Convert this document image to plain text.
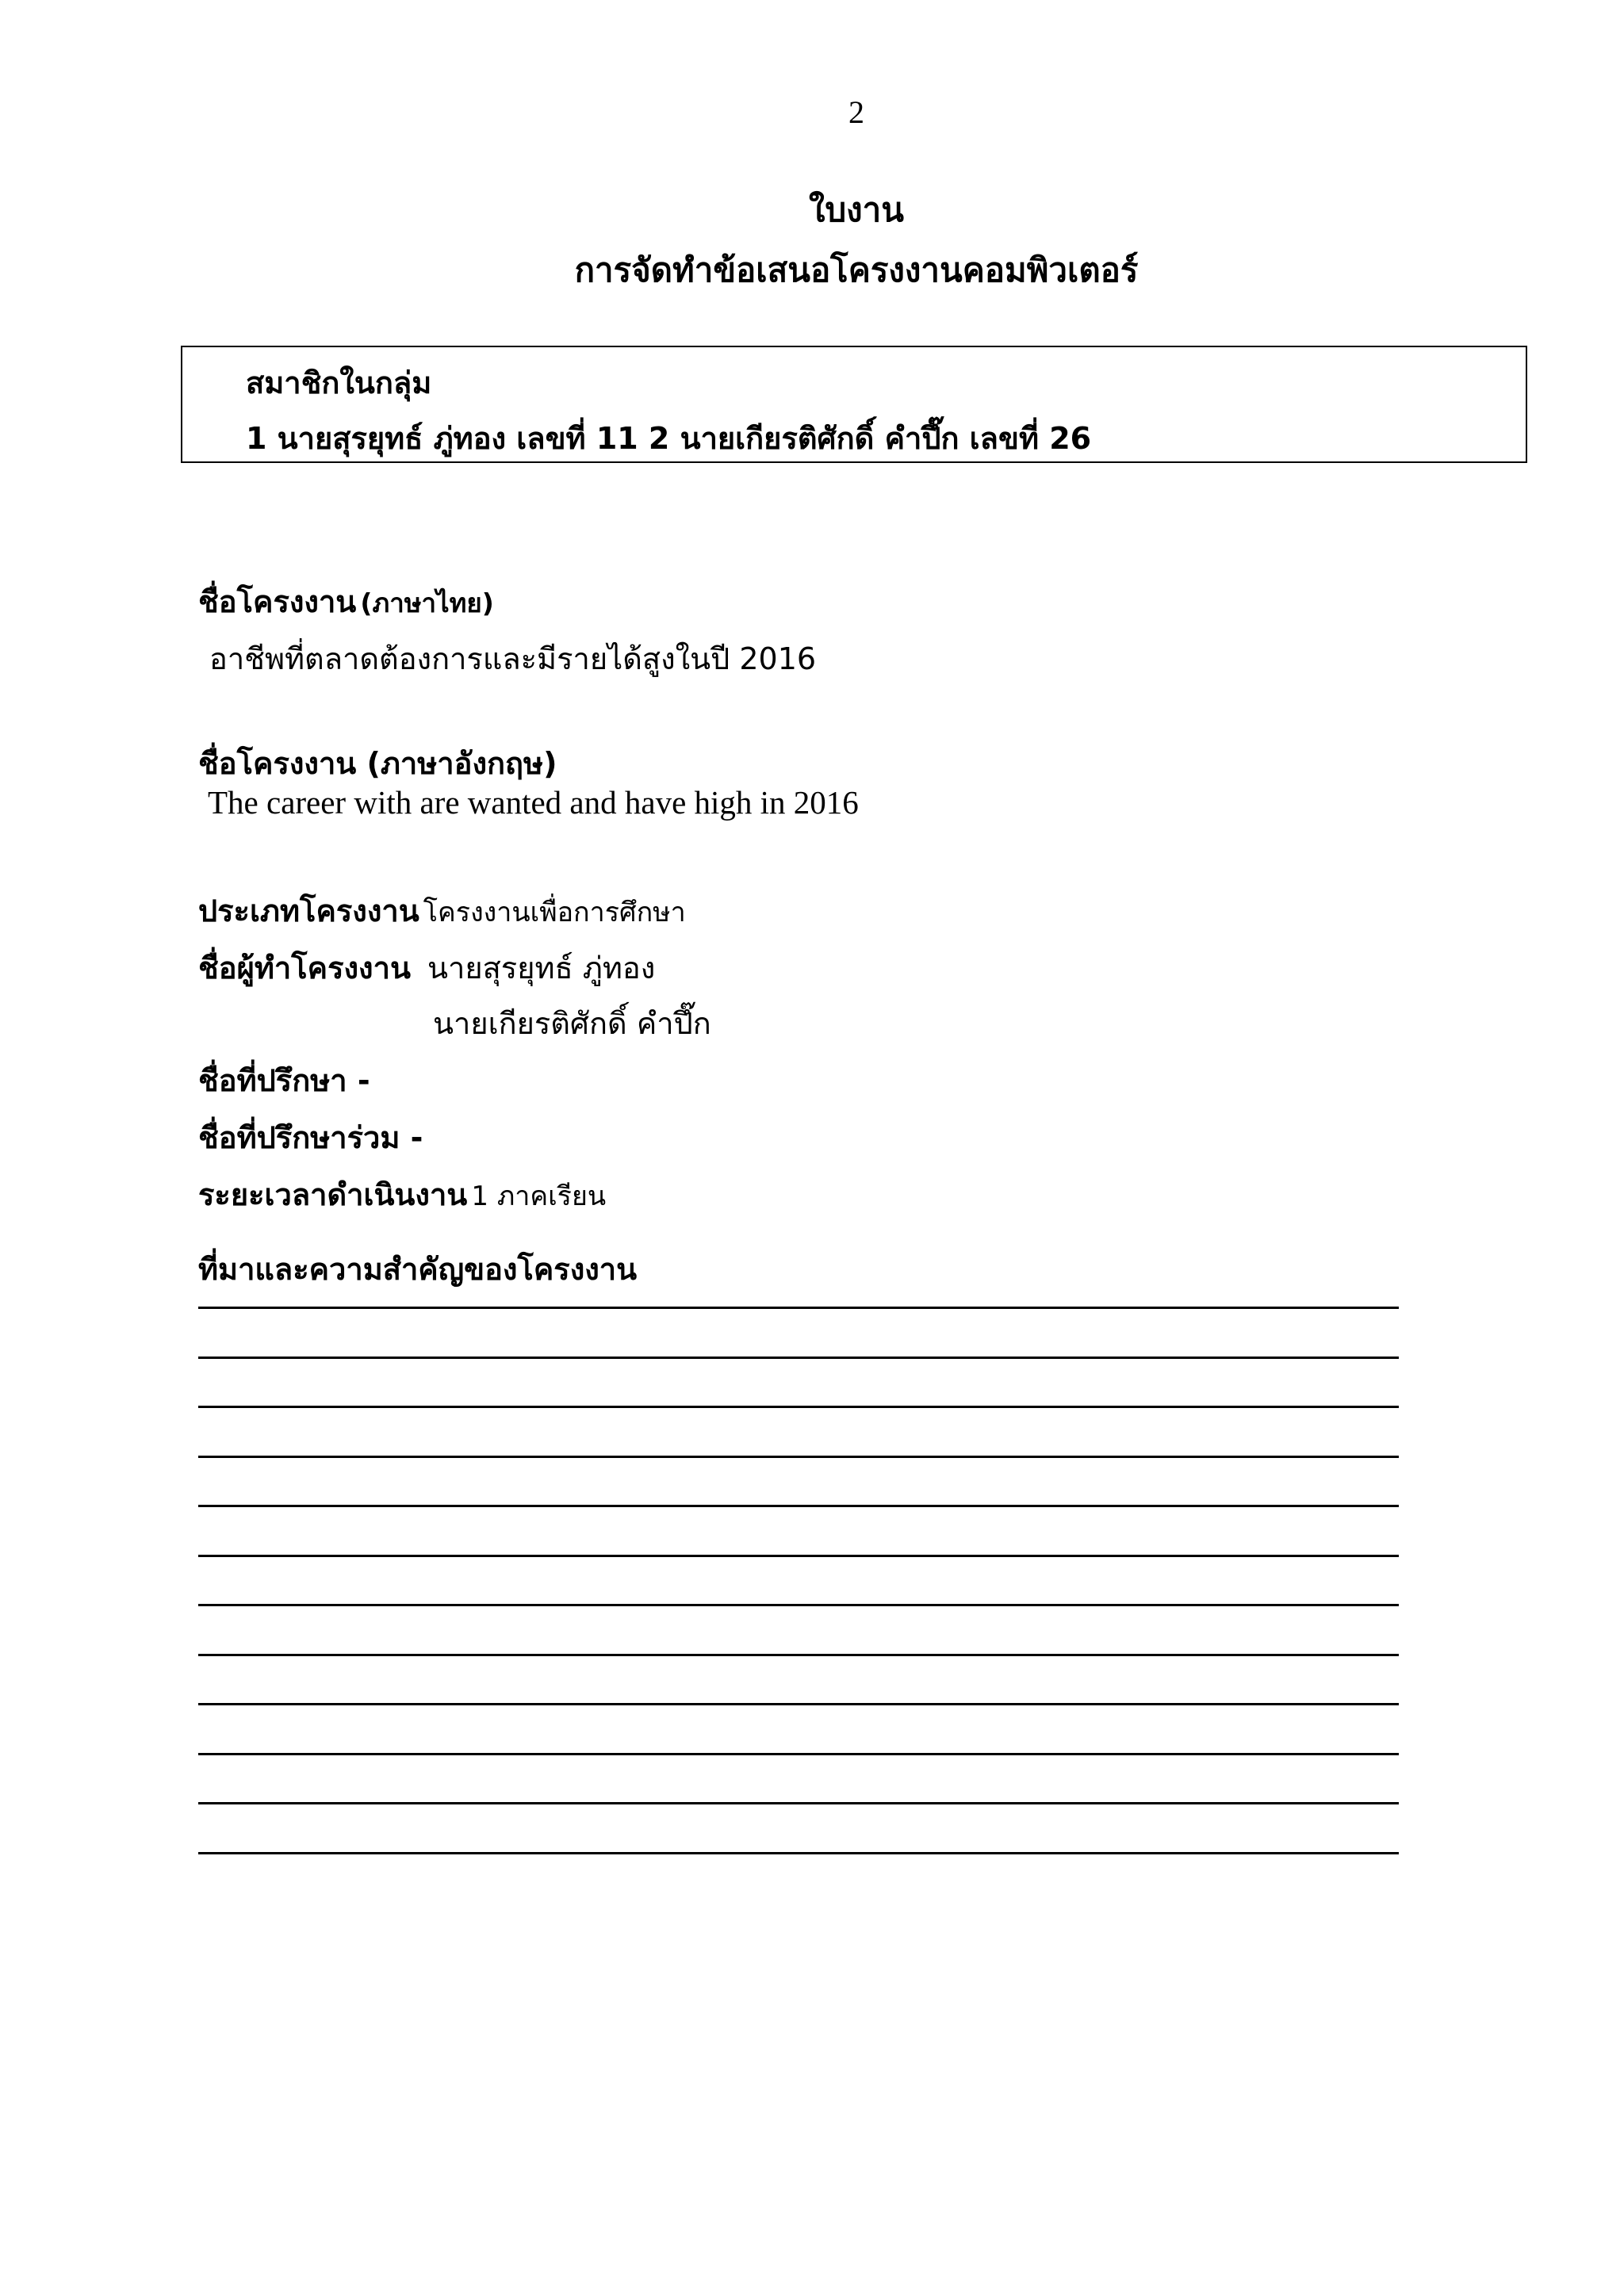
2
ใบงาน
การจัดทำข้อเสนอโครงงานคอมพิวเตอร์
สมาชิกในกลุ่ม
1 นายสุรยุทธ์ ภู่ทอง เลขที่ 11 2 นายเกียรติศักดิ์ คำปึ๊ก เลขที่ 26
ชื่อโครงงาน (ภาษาไทย)
อาชีพที่ตลาดต้องการและมีรายได้สูงในปี 2016
ชื่อโครงงาน (ภาษาอังกฤษ)
The career with are wanted and have high in 2016
ประเภทโครงงาน โครงงานเพื่อการศึกษา
ชื่อผู้ทำโครงงาน นายสุรยุทธ์ ภู่ทอง
นายเกียรติศักดิ์ คำปึ๊ก
ชื่อที่ปรึกษา -
ชื่อที่ปรึกษาร่วม -
ระยะเวลาดำเนินงาน 1 ภาคเรียน
ที่มาและความสำคัญของโครงงาน
